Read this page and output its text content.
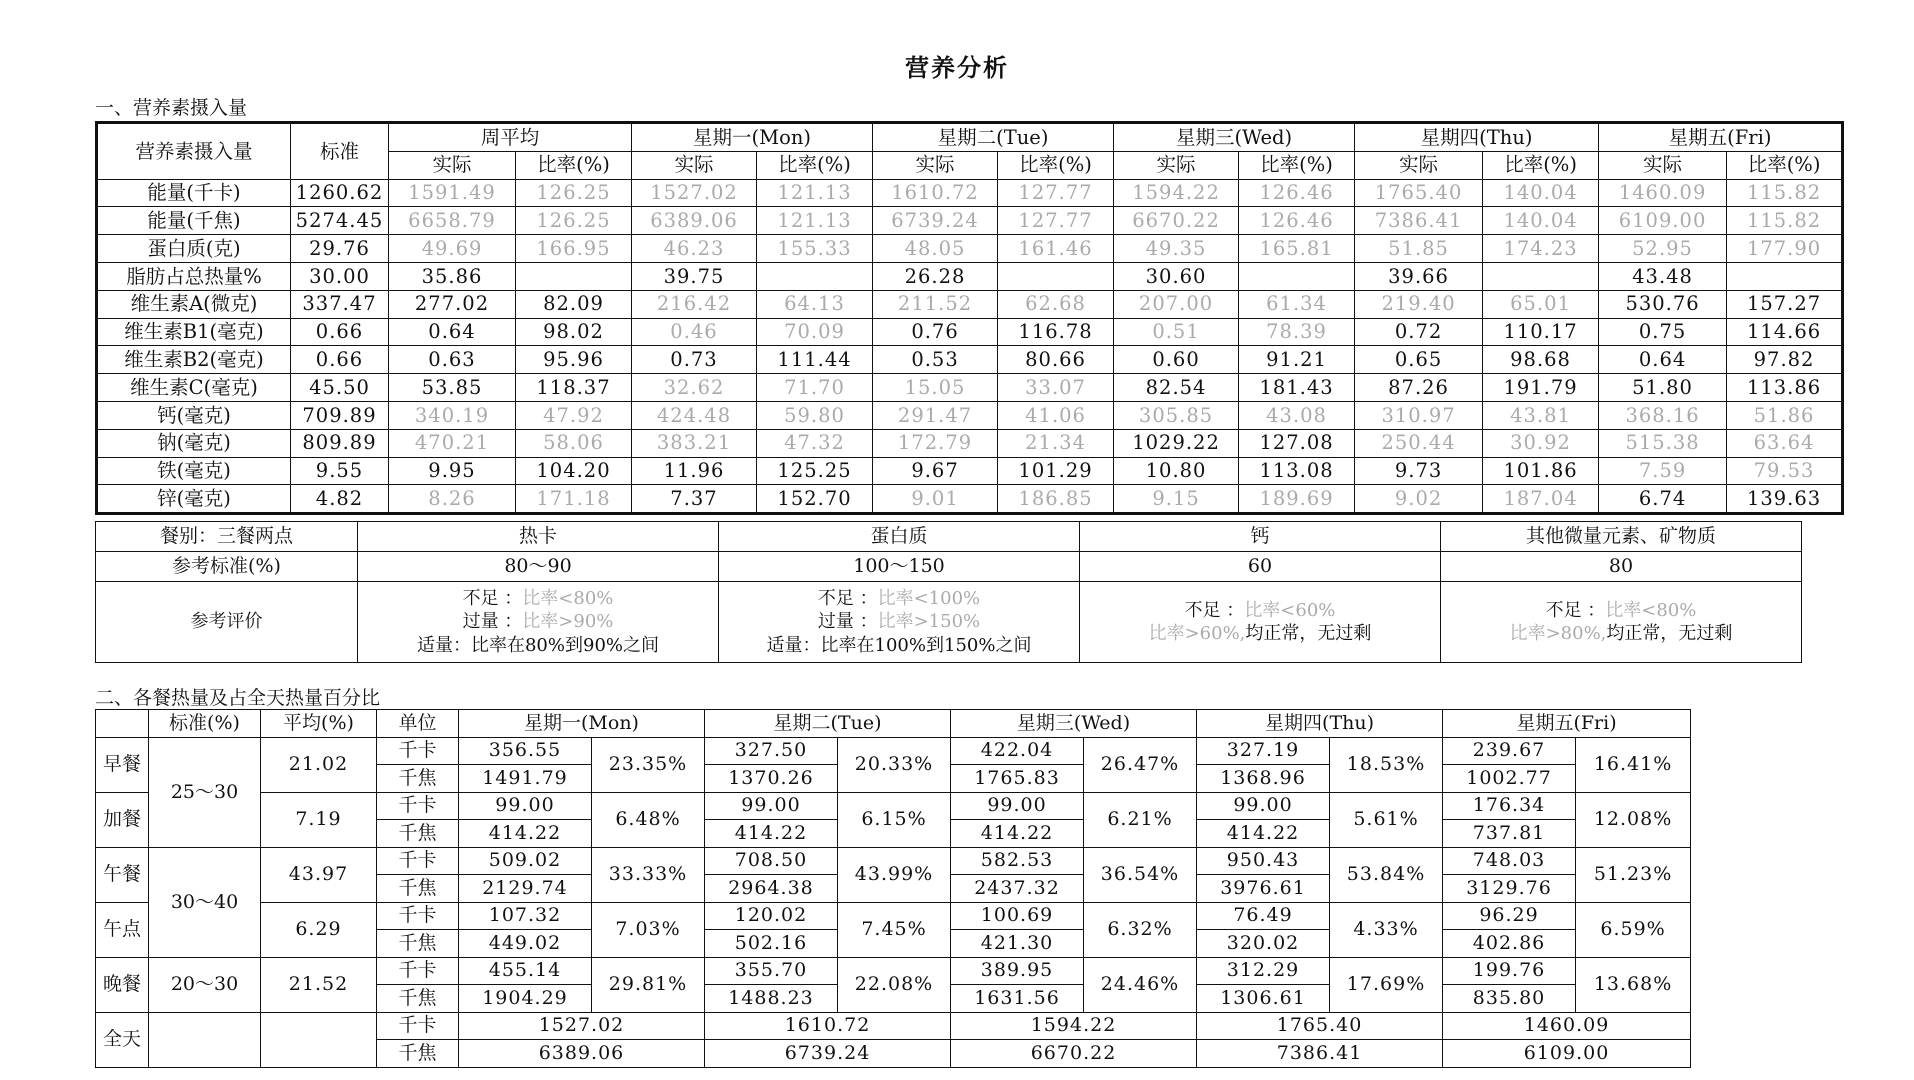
营养分析
一、营养素摄入量
营养素摄入量	标准	周平均		星期一(Mon)		星期二(Tue)		星期三(Wed)		星期四(Thu)		星期五(Fri)	
		实际	比率(%)	实际	比率(%)	实际	比率(%)	实际	比率(%)	实际	比率(%)	实际	比率(%)
能量(千卡)	1260.62	1591.49	126.25	1527.02	121.13	1610.72	127.77	1594.22	126.46	1765.40	140.04	1460.09	115.82
能量(千焦)	5274.45	6658.79	126.25	6389.06	121.13	6739.24	127.77	6670.22	126.46	7386.41	140.04	6109.00	115.82
蛋白质(克)	29.76	49.69	166.95	46.23	155.33	48.05	161.46	49.35	165.81	51.85	174.23	52.95	177.90
脂肪占总热量%	30.00	35.86		39.75		26.28		30.60		39.66		43.48	
维生素A(微克)	337.47	277.02	82.09	216.42	64.13	211.52	62.68	207.00	61.34	219.40	65.01	530.76	157.27
维生素B1(毫克)	0.66	0.64	98.02	0.46	70.09	0.76	116.78	0.51	78.39	0.72	110.17	0.75	114.66
维生素B2(毫克)	0.66	0.63	95.96	0.73	111.44	0.53	80.66	0.60	91.21	0.65	98.68	0.64	97.82
维生素C(毫克)	45.50	53.85	118.37	32.62	71.70	15.05	33.07	82.54	181.43	87.26	191.79	51.80	113.86
钙(毫克)	709.89	340.19	47.92	424.48	59.80	291.47	41.06	305.85	43.08	310.97	43.81	368.16	51.86
钠(毫克)	809.89	470.21	58.06	383.21	47.32	172.79	21.34	1029.22	127.08	250.44	30.92	515.38	63.64
铁(毫克)	9.55	9.95	104.20	11.96	125.25	9.67	101.29	10.80	113.08	9.73	101.86	7.59	79.53
锌(毫克)	4.82	8.26	171.18	7.37	152.70	9.01	186.85	9.15	189.69	9.02	187.04	6.74	139.63
餐别：三餐两点	热卡	蛋白质	钙	其他微量元素、矿物质
参考标准(%)	80～90	100～150	60	80
参考评价	不足 ：比率<80%
过量 ：比率>90%
适量：比率在80%到90%之间	不足 ：比率<100%
过量 ：比率>150%
适量：比率在100%到150%之间	不足 ：比率<60%
比率>60%,均正常，无过剩	不足 ：比率<80%
比率>80%,均正常，无过剩
二、各餐热量及占全天热量百分比
	标准(%)	平均(%)	单位	星期一(Mon)		星期二(Tue)		星期三(Wed)		星期四(Thu)		星期五(Fri)	
早餐	25～30	21.02	千卡	356.55	23.35%	327.50	20.33%	422.04	26.47%	327.19	18.53%	239.67	16.41%
			千焦	1491.79		1370.26		1765.83		1368.96		1002.77	
加餐		7.19	千卡	99.00	6.48%	99.00	6.15%	99.00	6.21%	99.00	5.61%	176.34	12.08%
			千焦	414.22		414.22		414.22		414.22		737.81	
午餐	30～40	43.97	千卡	509.02	33.33%	708.50	43.99%	582.53	36.54%	950.43	53.84%	748.03	51.23%
			千焦	2129.74		2964.38		2437.32		3976.61		3129.76	
午点		6.29	千卡	107.32	7.03%	120.02	7.45%	100.69	6.32%	76.49	4.33%	96.29	6.59%
			千焦	449.02		502.16		421.30		320.02		402.86	
晚餐	20～30	21.52	千卡	455.14	29.81%	355.70	22.08%	389.95	24.46%	312.29	17.69%	199.76	13.68%
			千焦	1904.29		1488.23		1631.56		1306.61		835.80	
全天			千卡	1527.02		1610.72		1594.22		1765.40		1460.09	
			千焦	6389.06		6739.24		6670.22		7386.41		6109.00	
